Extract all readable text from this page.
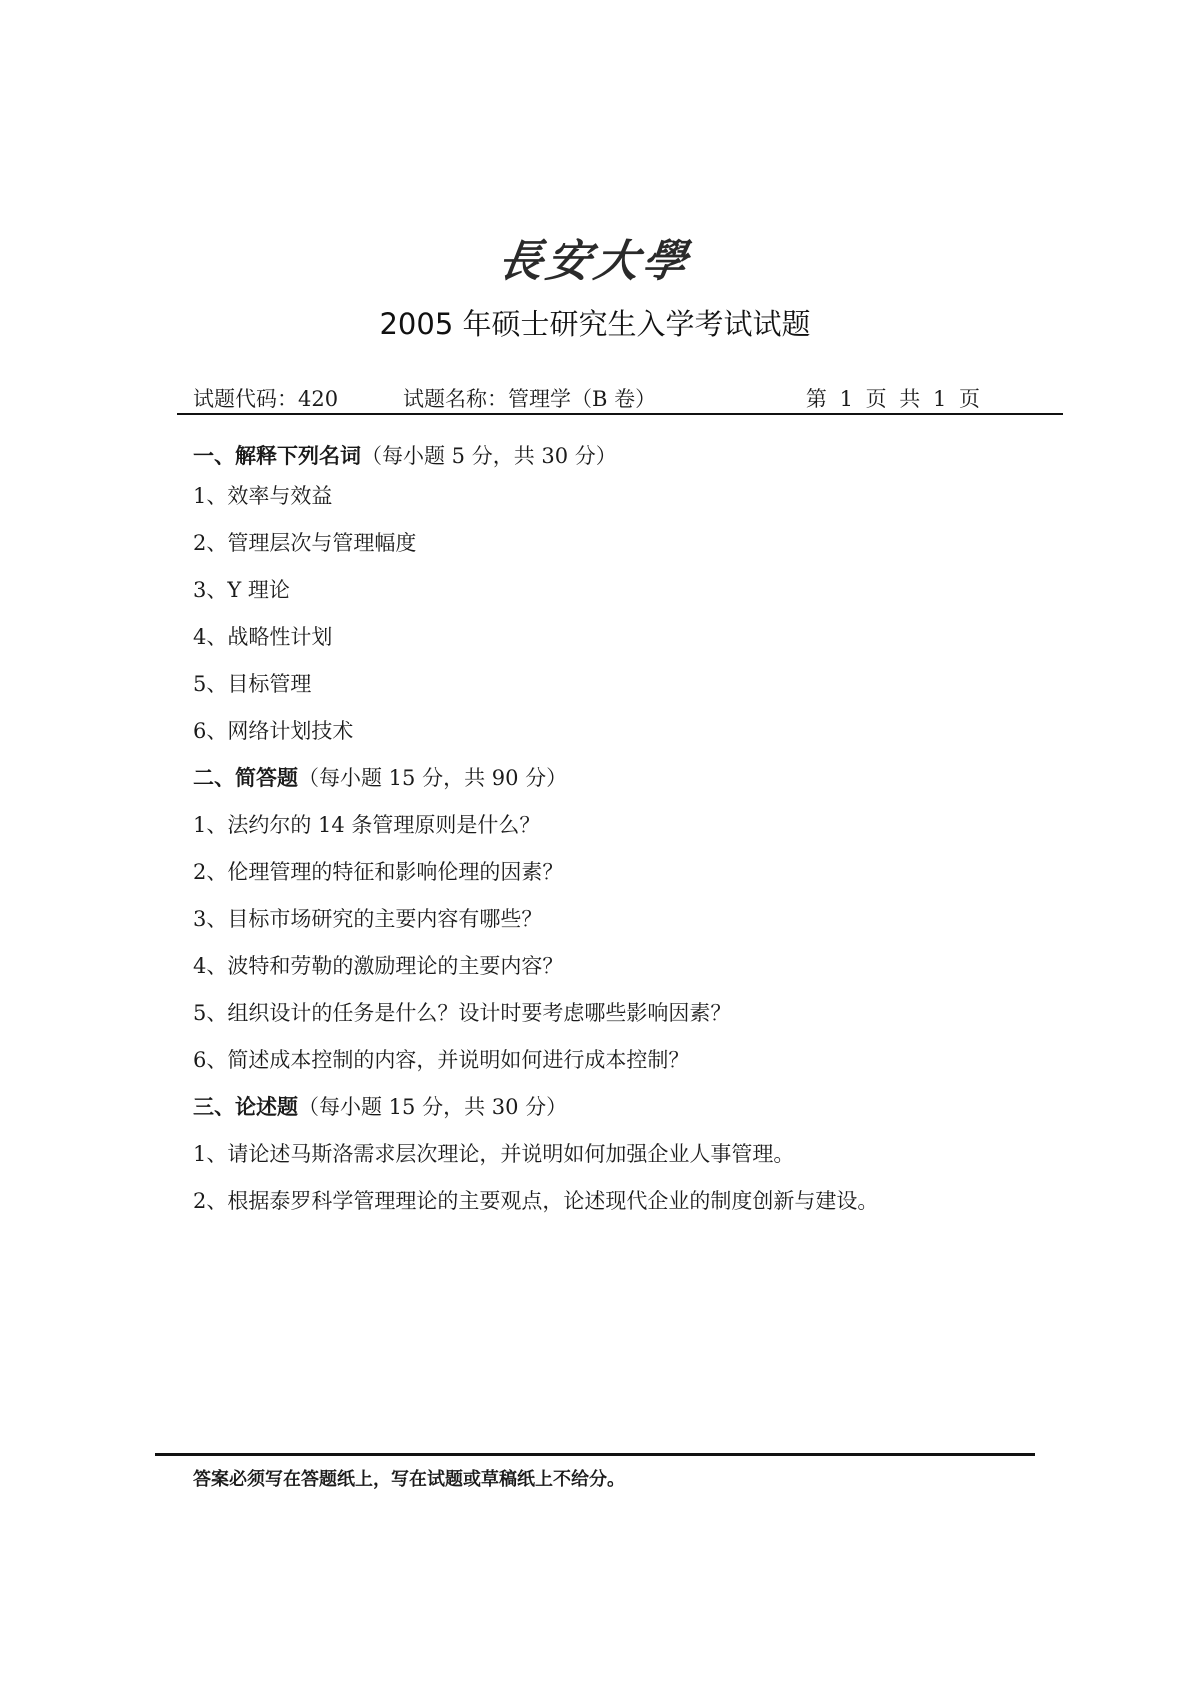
長安大學
2005 年硕士研究生入学考试试题
试题代码：420	试题名称：管理学（B 卷）	第 1 页 共 1 页
一、解释下列名词（每小题 5 分，共 30 分）
1、效率与效益
2、管理层次与管理幅度
3、Y 理论
4、战略性计划
5、目标管理
6、网络计划技术
二、简答题（每小题 15 分，共 90 分）
1、法约尔的 14 条管理原则是什么？
2、伦理管理的特征和影响伦理的因素？
3、目标市场研究的主要内容有哪些？
4、波特和劳勒的激励理论的主要内容？
5、组织设计的任务是什么？设计时要考虑哪些影响因素？
6、简述成本控制的内容，并说明如何进行成本控制？
三、论述题（每小题 15 分，共 30 分）
1、请论述马斯洛需求层次理论，并说明如何加强企业人事管理。
2、根据泰罗科学管理理论的主要观点，论述现代企业的制度创新与建设。
答案必须写在答题纸上，写在试题或草稿纸上不给分。
